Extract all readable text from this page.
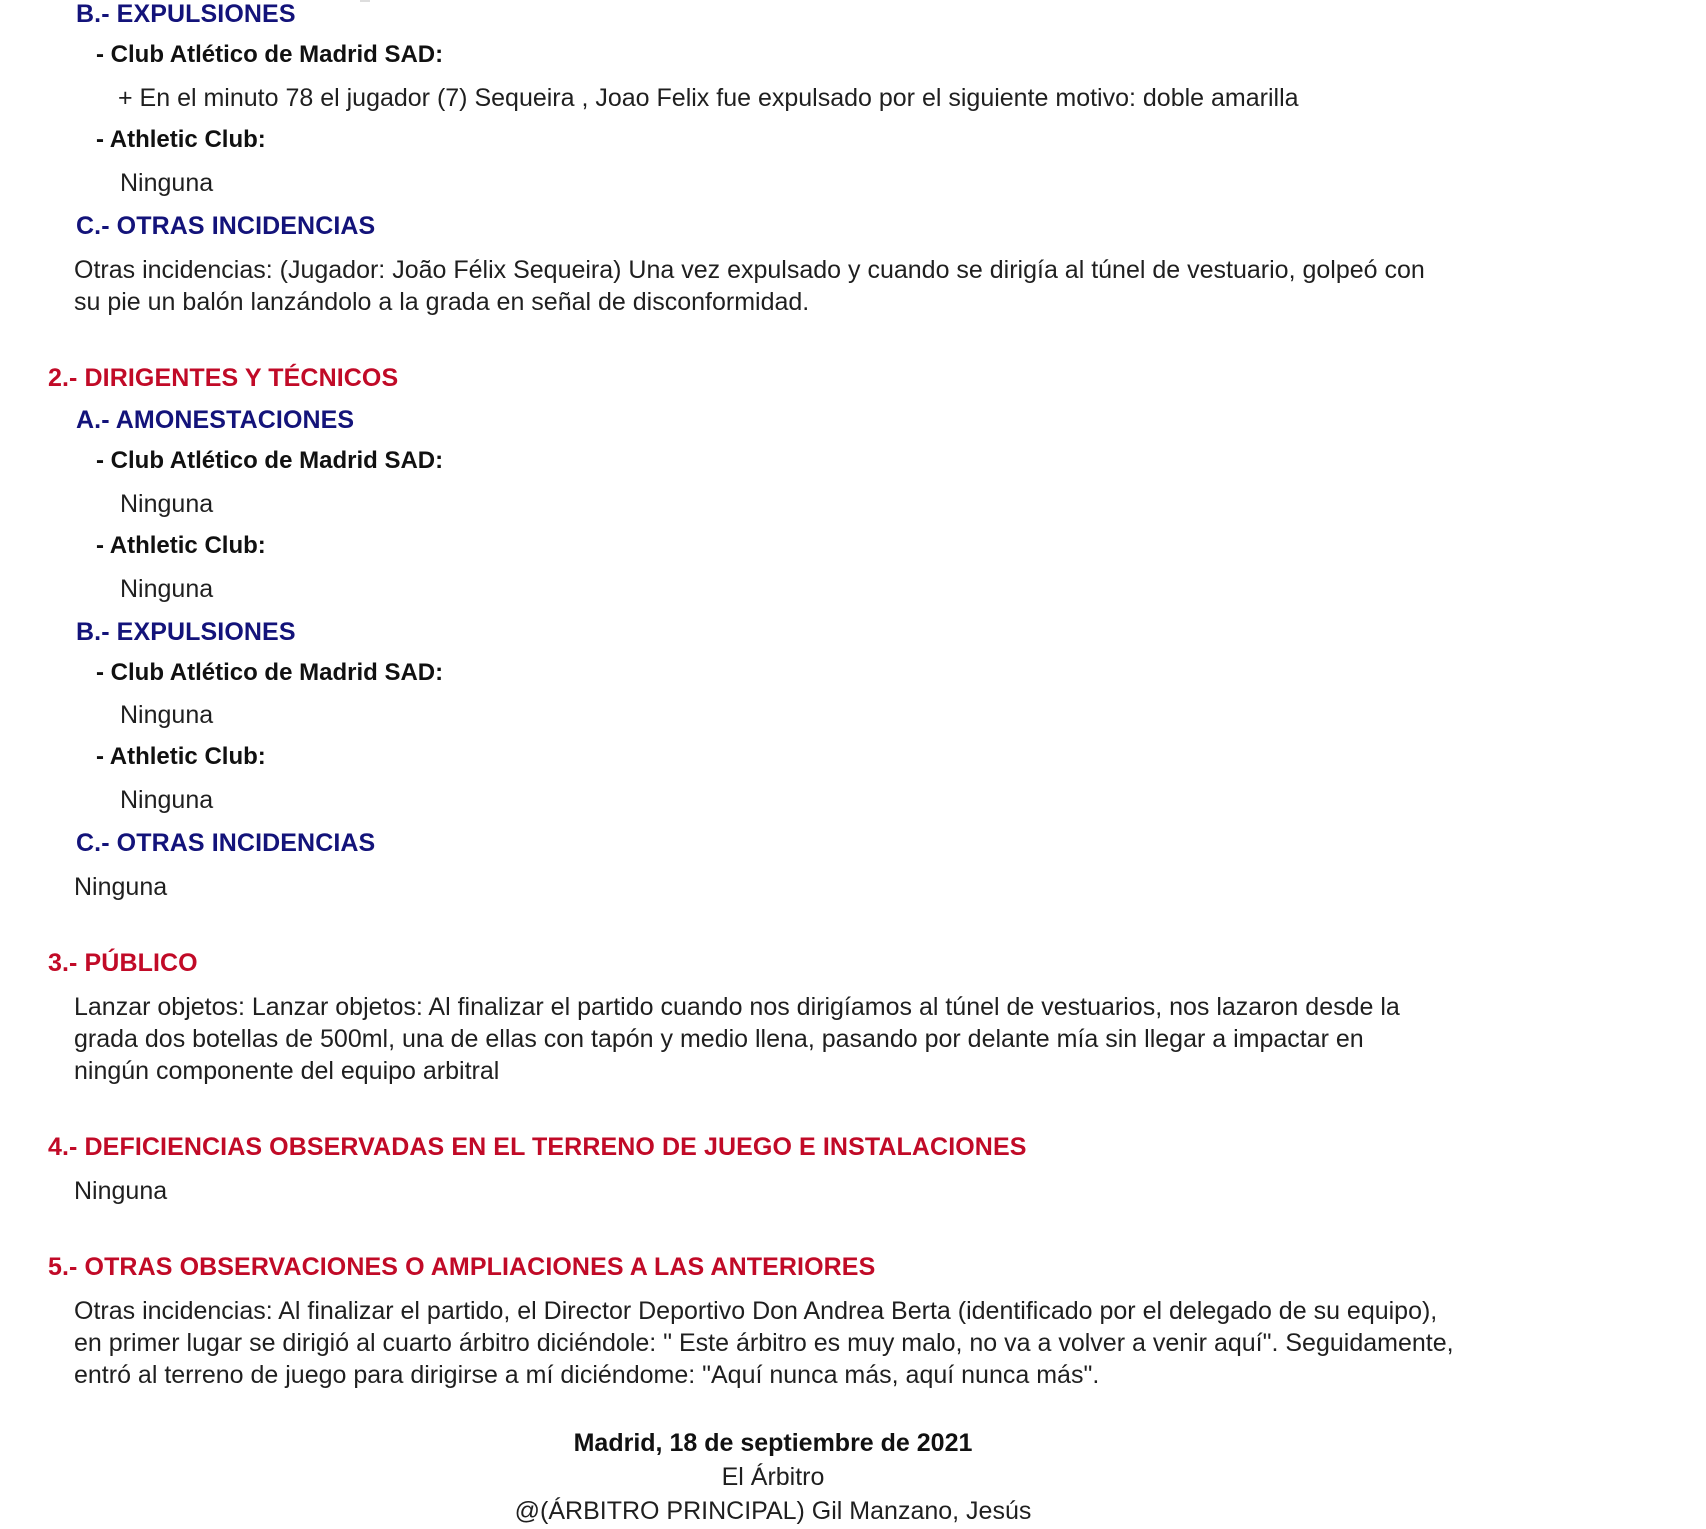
B.- EXPULSIONES
- Club Atlético de Madrid SAD:
+ En el minuto 78 el jugador (7) Sequeira , Joao Felix fue expulsado por el siguiente motivo: doble amarilla
- Athletic Club:
Ninguna
C.- OTRAS INCIDENCIAS
Otras incidencias: (Jugador: João Félix Sequeira) Una vez expulsado y cuando se dirigía al túnel de vestuario, golpeó con su pie un balón lanzándolo a la grada en señal de disconformidad.
2.- DIRIGENTES Y TÉCNICOS
A.- AMONESTACIONES
- Club Atlético de Madrid SAD:
Ninguna
- Athletic Club:
Ninguna
B.- EXPULSIONES
- Club Atlético de Madrid SAD:
Ninguna
- Athletic Club:
Ninguna
C.- OTRAS INCIDENCIAS
Ninguna
3.- PÚBLICO
Lanzar objetos: Lanzar objetos: Al finalizar el partido cuando nos dirigíamos al túnel de vestuarios, nos lazaron desde la grada dos botellas de 500ml, una de ellas con tapón y medio llena, pasando por delante mía sin llegar a impactar en ningún componente del equipo arbitral
4.- DEFICIENCIAS OBSERVADAS EN EL TERRENO DE JUEGO E INSTALACIONES
Ninguna
5.- OTRAS OBSERVACIONES O AMPLIACIONES A LAS ANTERIORES
Otras incidencias: Al finalizar el partido, el Director Deportivo Don Andrea Berta (identificado por el delegado de su equipo), en primer lugar se dirigió al cuarto árbitro diciéndole: " Este árbitro es muy malo, no va a volver a venir aquí". Seguidamente, entró al terreno de juego para dirigirse a mí diciéndome: "Aquí nunca más, aquí nunca más".
Madrid, 18 de septiembre de 2021
El Árbitro
@(ÁRBITRO PRINCIPAL) Gil Manzano, Jesús
